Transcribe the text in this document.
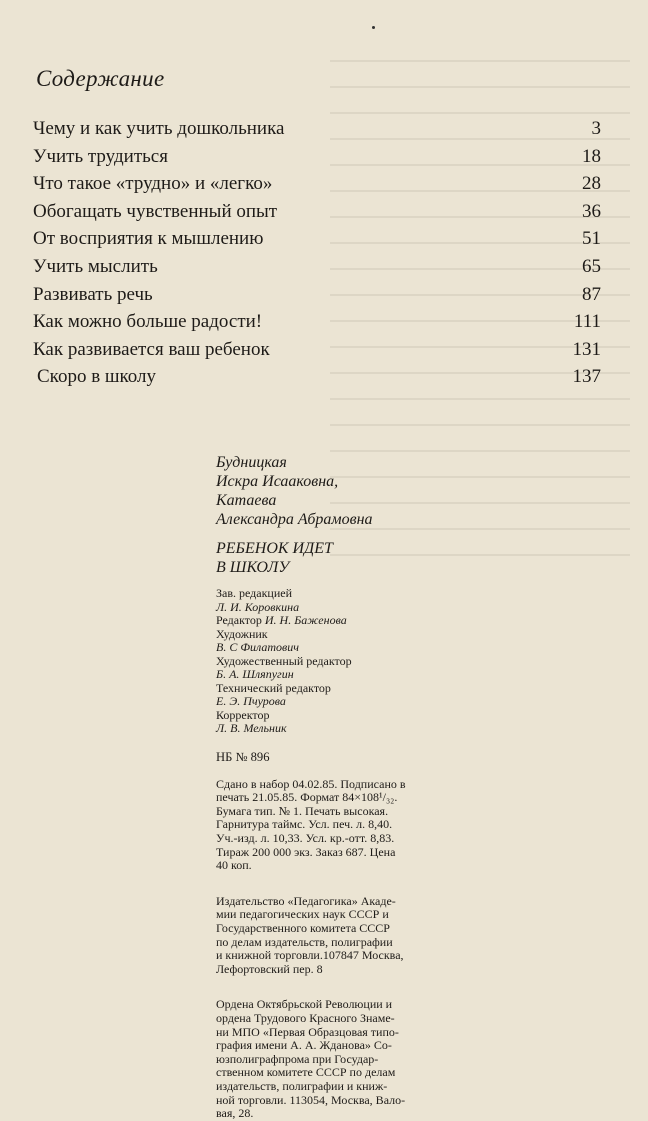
Содержание
Чему и как учить дошкольника	3
Учить трудиться	18
Что такое «трудно» и «легко»	28
Обогащать чувственный опыт	36
От восприятия к мышлению	51
Учить мыслить	65
Развивать речь	87
Как можно больше радости!	111
Как развивается ваш ребенок	131
Скоро в школу	137
Будницкая
Искра Исааковна,
Катаева
Александра Абрамовна
РЕБЕНОК ИДЕТ
В ШКОЛУ
Зав. редакцией
Л. И. Коровкина
Редактор И. Н. Баженова
Художник
В. С Филатович
Художественный редактор
Б. А. Шляпугин
Технический редактор
Е. Э. Пчурова
Корректор
Л. В. Мельник
НБ № 896
Сдано в набор 04.02.85. Подписано в
печать 21.05.85. Формат 84×108¹/₃₂.
Бумага тип. № 1. Печать высокая.
Гарнитура таймс. Усл. печ. л. 8,40.
Уч.-изд. л. 10,33. Усл. кр.-отт. 8,83.
Тираж 200 000 экз. Заказ 687. Цена
40 коп.
Издательство «Педагогика» Акаде-
мии педагогических наук СССР и
Государственного комитета СССР
по делам издательств, полиграфии
и книжной торговли.107847 Москва,
Лефортовский пер. 8
Ордена Октябрьской Революции и
ордена Трудового Красного Знаме-
ни МПО «Первая Образцовая типо-
графия имени А. А. Жданова» Со-
юзполиграфпрома при Государ-
ственном комитете СССР по делам
издательств, полиграфии и книж-
ной торговли. 113054, Москва, Вало-
вая, 28.
